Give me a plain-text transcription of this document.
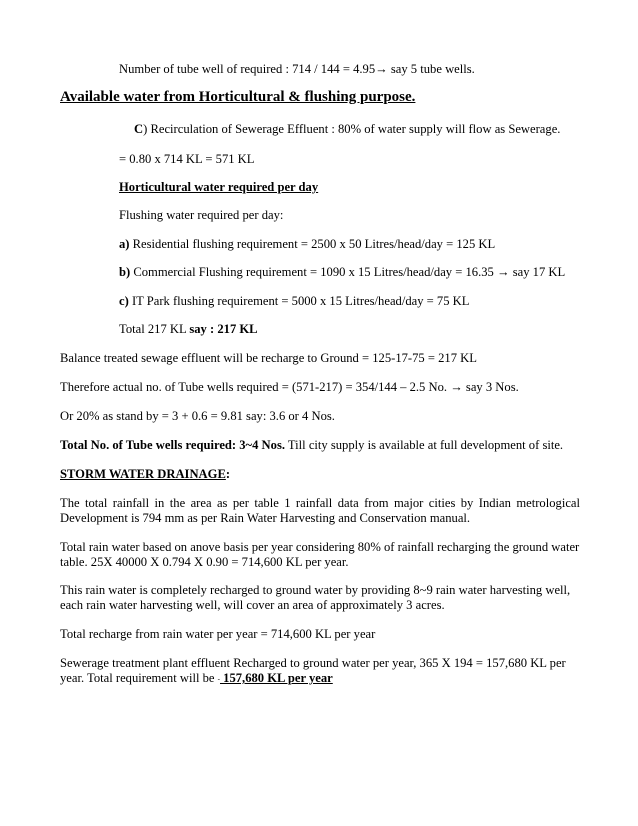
Number of tube well of required : 714 / 144 = 4.95→ say 5 tube wells.
Available water from Horticultural & flushing purpose.
C) Recirculation of Sewerage Effluent : 80% of water supply will flow as Sewerage.
= 0.80 x 714 KL = 571 KL
Horticultural water required per day
Flushing water required per day:
a) Residential flushing requirement = 2500 x 50 Litres/head/day = 125 KL
b) Commercial Flushing requirement = 1090 x 15 Litres/head/day = 16.35 → say 17 KL
c) IT Park flushing requirement = 5000 x 15 Litres/head/day = 75 KL
Total 217 KL say : 217 KL
Balance treated sewage effluent will be recharge to Ground = 125-17-75 = 217 KL
Therefore actual no. of Tube wells required = (571-217) = 354/144 – 2.5 No. → say 3 Nos.
Or 20% as stand by = 3 + 0.6 = 9.81 say: 3.6 or 4 Nos.
Total No. of Tube wells required: 3~4 Nos. Till city supply is available at full development of site.
STORM WATER DRAINAGE:
The total rainfall in the area as per table 1 rainfall data from major cities by Indian metrological Development is 794 mm as per Rain Water Harvesting and Conservation manual.
Total rain water based on anove basis per year considering 80% of rainfall recharging the ground water table. 25X 40000 X 0.794 X 0.90 = 714,600 KL per year.
This rain water is completely recharged to ground water by providing 8~9 rain water harvesting well, each rain water harvesting well, will cover an area of approximately 3 acres.
Total recharge from rain water per year = 714,600 KL per year
Sewerage treatment plant effluent Recharged to ground water per year, 365 X 194 = 157,680 KL per year. Total requirement will be - 157,680 KL per year
